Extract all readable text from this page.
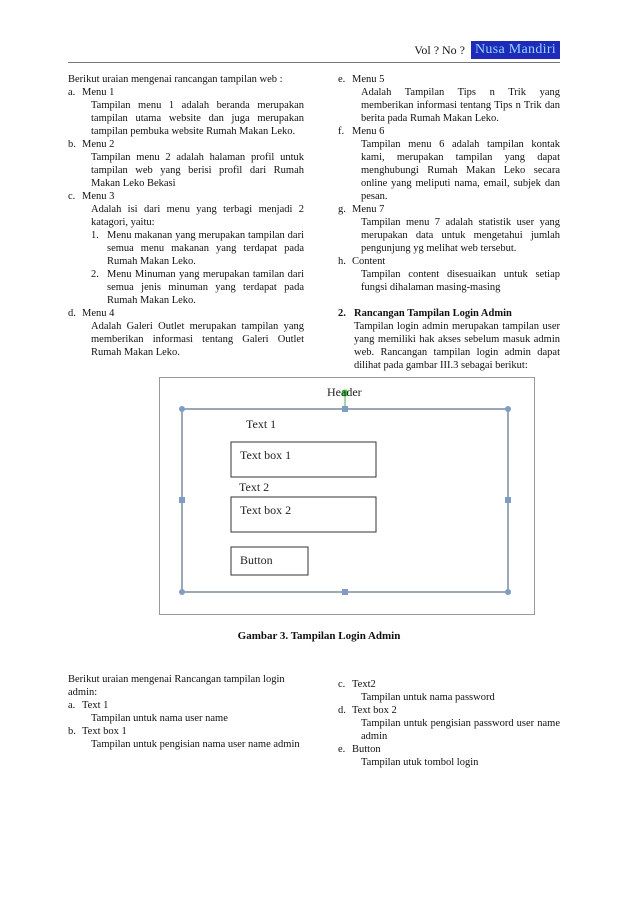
Vol ? No ? Nusa Mandiri

Berikut uraian mengenai rancangan tampilan web :

a. Menu 1

Tampilan menu 1 adalah beranda merupakan tampilan utama website dan juga merupakan tampilan pembuka website Rumah Makan Leko.

b. Menu 2

Tampilan menu 2 adalah halaman profil untuk tampilan web yang berisi profil dari Rumah Makan Leko Bekasi

c. Menu 3

Adalah isi dari menu yang terbagi menjadi 2 katagori, yaitu:

1. Menu makanan yang merupakan tampilan dari semua menu makanan yang terdapat pada Rumah Makan Leko.
2. Menu Minuman yang merupakan tamilan dari semua jenis minuman yang terdapat pada Rumah Makan Leko.
d. Menu 4

Adalah Galeri Outlet merupakan tampilan yang memberikan informasi tentang Galeri Outlet Rumah Makan Leko.

e. Menu 5

Adalah Tampilan Tips n Trik yang memberikan informasi tentang Tips n Trik dan berita pada Rumah Makan Leko.

f. Menu 6

Tampilan menu 6 adalah tampilan kontak kami, merupakan tampilan yang dapat menghubungi Rumah Makan Leko secara online yang meliputi nama, email, subjek dan pesan.

g. Menu 7

Tampilan menu 7 adalah statistik user yang merupakan data untuk mengetahui jumlah pengunjung yg melihat web tersebut.

h. Content

Tampilan content disesuaikan untuk setiap fungsi dihalaman masing-masing

2. Rancangan Tampilan Login Admin

Tampilan login admin merupakan tampilan user yang memiliki hak akses sebelum masuk admin web. Rancangan tampilan login admin dapat dilihat pada gambar III.3 sebagai berikut:

Header
Text 1
Text box 1
Text 2
Text box 2
Button
Gambar 3. Tampilan Login Admin

Berikut uraian mengenai Rancangan tampilan login admin:

a. Text 1

Tampilan untuk nama user name

b. Text box 1

Tampilan untuk pengisian nama user name admin

c. Text2

Tampilan untuk nama password

d. Text box 2

Tampilan untuk pengisian password user name admin

e. Button

Tampilan utuk tombol login
